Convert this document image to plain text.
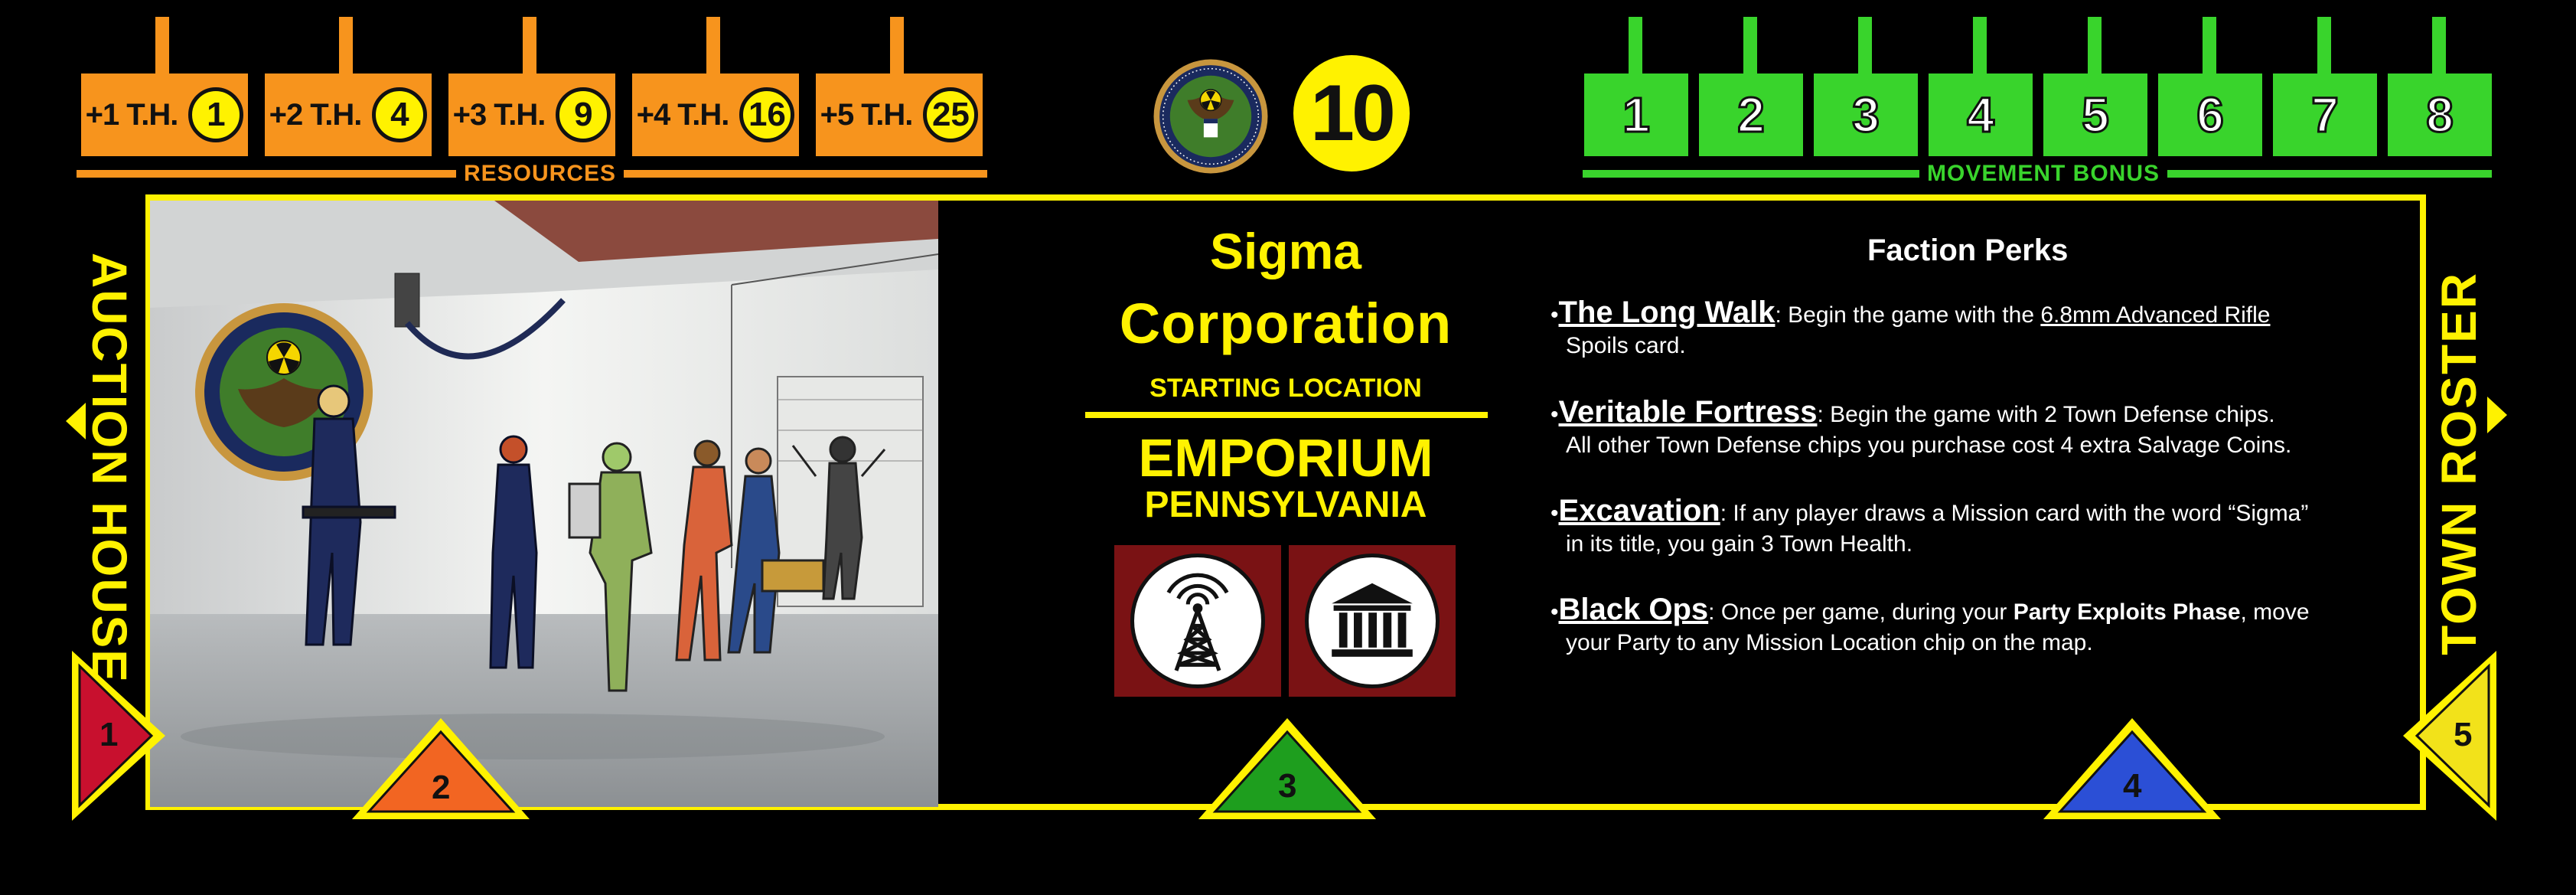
+1 T.H. 1	+2 T.H. 4	+3 T.H. 9	+4 T.H. 16 +5 T.H. 25
RESOURCES
10	1 2 3 4 5 6 7 8
MOVEMENT BONUS
AUCTION HOUSE	TOWN ROSTER
Sigma
Corporation
STARTING LOCATION
EMPORIUM
PENNSYLVANIA
Faction Perks
•The Long Walk: Begin the game with the 6.8mm Advanced Rifle
Spoils card.
•Veritable Fortress: Begin the game with 2 Town Defense chips.
All other Town Defense chips you purchase cost 4 extra Salvage Coins.
•Excavation: If any player draws a Mission card with the word “Sigma”
in its title, you gain 3 Town Health.
•Black Ops: Once per game, during your Party Exploits Phase, move
your Party to any Mission Location chip on the map.
1
2	3	4
5
